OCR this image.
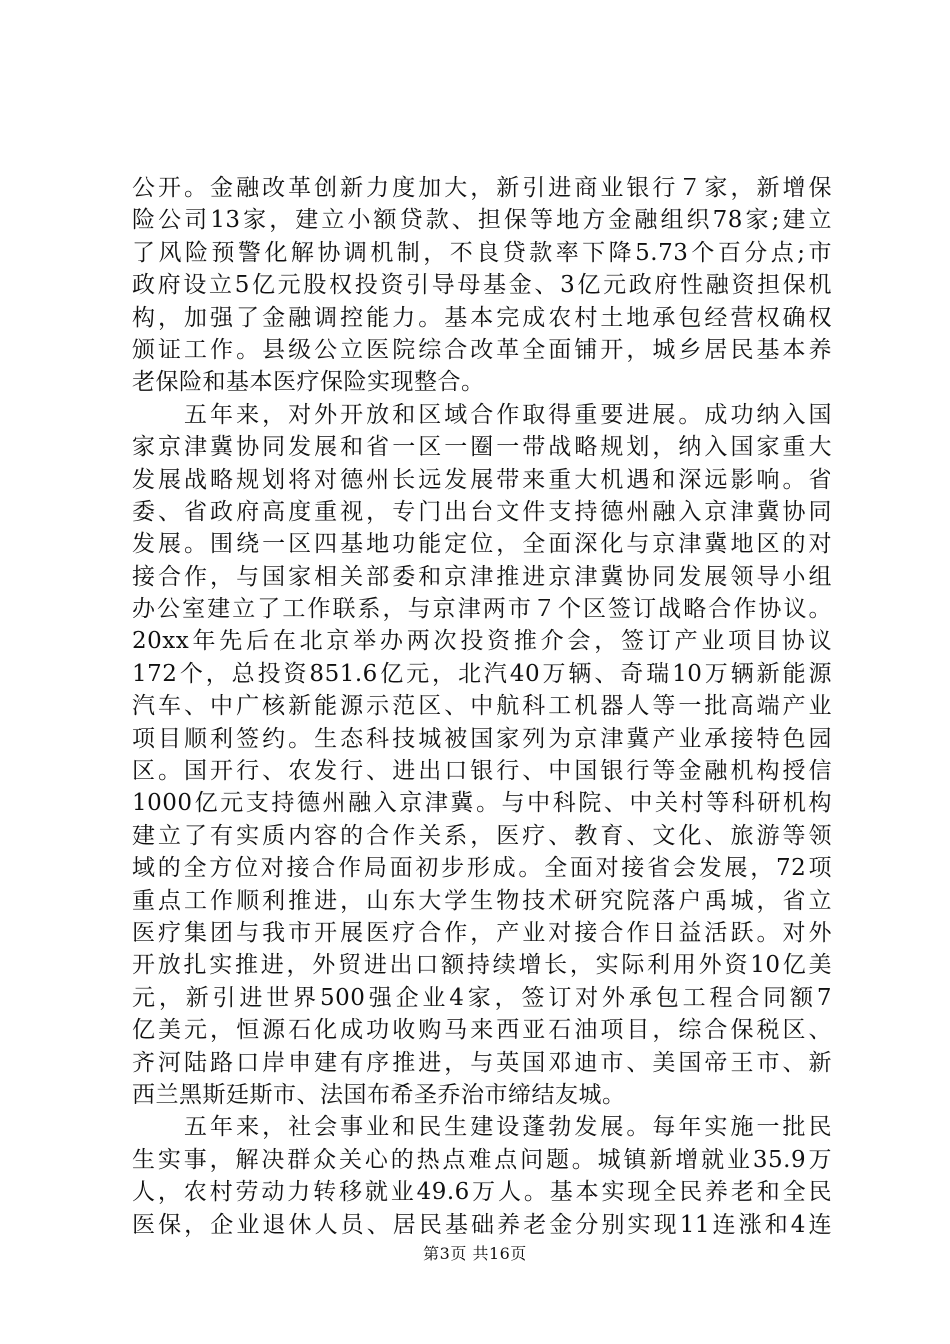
公开。金融改革创新力度加大，新引进商业银行７家，新增保
险公司13家，建立小额贷款、担保等地方金融组织78家;建立
了风险预警化解协调机制，不良贷款率下降5.73个百分点;市
政府设立5亿元股权投资引导母基金、3亿元政府性融资担保机
构，加强了金融调控能力。基本完成农村土地承包经营权确权
颁证工作。县级公立医院综合改革全面铺开，城乡居民基本养
老保险和基本医疗保险实现整合。
　　五年来，对外开放和区域合作取得重要进展。成功纳入国
家京津冀协同发展和省一区一圈一带战略规划，纳入国家重大
发展战略规划将对德州长远发展带来重大机遇和深远影响。省
委、省政府高度重视，专门出台文件支持德州融入京津冀协同
发展。围绕一区四基地功能定位，全面深化与京津冀地区的对
接合作，与国家相关部委和京津推进京津冀协同发展领导小组
办公室建立了工作联系，与京津两市７个区签订战略合作协议。
20xx年先后在北京举办两次投资推介会，签订产业项目协议
172个，总投资851.6亿元，北汽40万辆、奇瑞10万辆新能源
汽车、中广核新能源示范区、中航科工机器人等一批高端产业
项目顺利签约。生态科技城被国家列为京津冀产业承接特色园
区。国开行、农发行、进出口银行、中国银行等金融机构授信
1000亿元支持德州融入京津冀。与中科院、中关村等科研机构
建立了有实质内容的合作关系，医疗、教育、文化、旅游等领
域的全方位对接合作局面初步形成。全面对接省会发展，72项
重点工作顺利推进，山东大学生物技术研究院落户禹城，省立
医疗集团与我市开展医疗合作，产业对接合作日益活跃。对外
开放扎实推进，外贸进出口额持续增长，实际利用外资10亿美
元，新引进世界500强企业4家，签订对外承包工程合同额7
亿美元，恒源石化成功收购马来西亚石油项目，综合保税区、
齐河陆路口岸申建有序推进，与英国邓迪市、美国帝王市、新
西兰黑斯廷斯市、法国布希圣乔治市缔结友城。
　　五年来，社会事业和民生建设蓬勃发展。每年实施一批民
生实事，解决群众关心的热点难点问题。城镇新增就业35.9万
人，农村劳动力转移就业49.6万人。基本实现全民养老和全民
医保，企业退休人员、居民基础养老金分别实现11连涨和4连
第3页 共16页
